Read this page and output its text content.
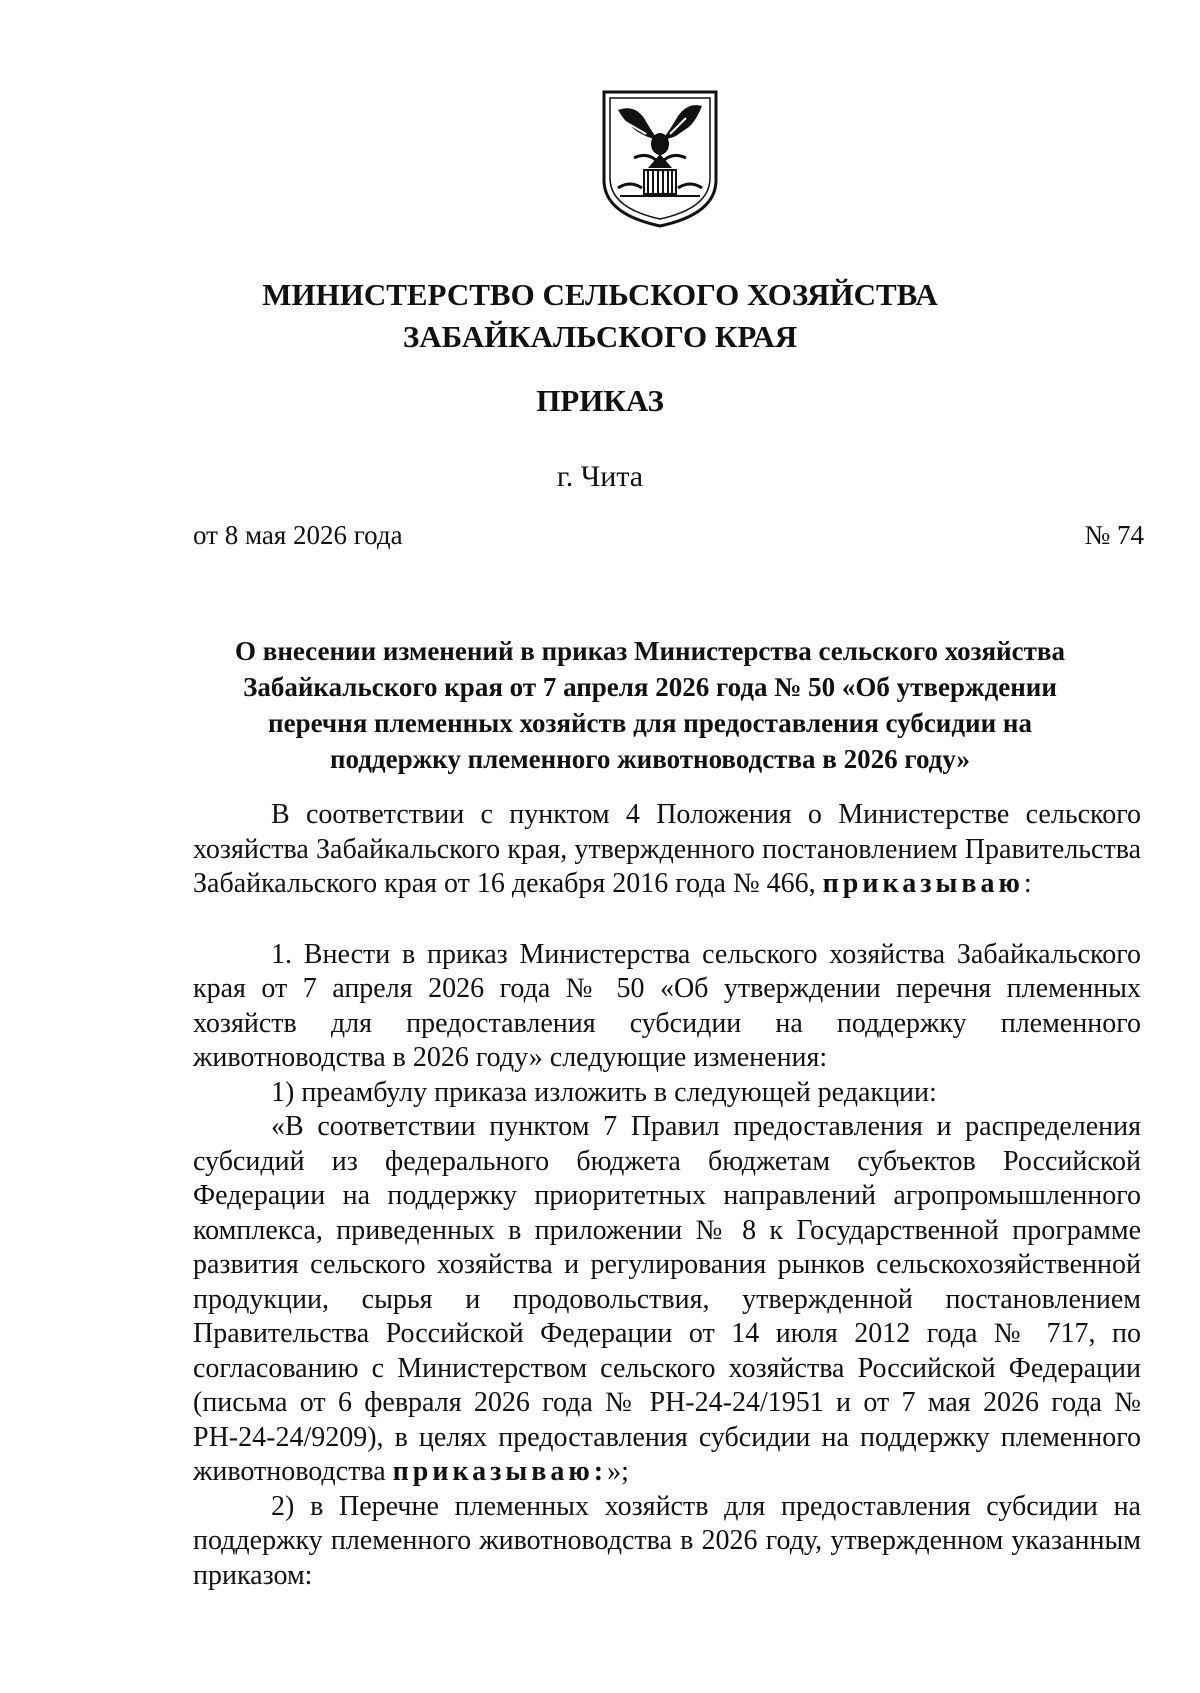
МИНИСТЕРСТВО СЕЛЬСКОГО ХОЗЯЙСТВА
ЗАБАЙКАЛЬСКОГО КРАЯ
ПРИКАЗ
г. Чита
от 8 мая 2026 года	№ 74
О внесении изменений в приказ Министерства сельского хозяйства
Забайкальского края от 7 апреля 2026 года № 50 «Об утверждении
перечня племенных хозяйств для предоставления субсидии на
поддержку племенного животноводства в 2026 году»

В соответствии с пунктом 4 Положения о Министерстве сельского хозяйства Забайкальского края, утвержденного постановлением Правительства Забайкальского края от 16 декабря 2016 года № 466, приказываю:

1. Внести в приказ Министерства сельского хозяйства Забайкальского края от 7 апреля 2026 года № 50 «Об утверждении перечня племенных хозяйств для предоставления субсидии на поддержку племенного животноводства в 2026 году» следующие изменения:

1) преамбулу приказа изложить в следующей редакции:

«В соответствии пунктом 7 Правил предоставления и распределения субсидий из федерального бюджета бюджетам субъектов Российской Федерации на поддержку приоритетных направлений агропромышленного комплекса, приведенных в приложении № 8 к Государственной программе развития сельского хозяйства и регулирования рынков сельскохозяйственной продукции, сырья и продовольствия, утвержденной постановлением Правительства Российской Федерации от 14 июля 2012 года № 717, по согласованию с Министерством сельского хозяйства Российской Федерации (письма от 6 февраля 2026 года № РН-24-24/1951 и от 7 мая 2026 года № РН-24-24/9209), в целях предоставления субсидии на поддержку племенного животноводства приказываю:»;

2) в Перечне племенных хозяйств для предоставления субсидии на поддержку племенного животноводства в 2026 году, утвержденном указанным приказом:
